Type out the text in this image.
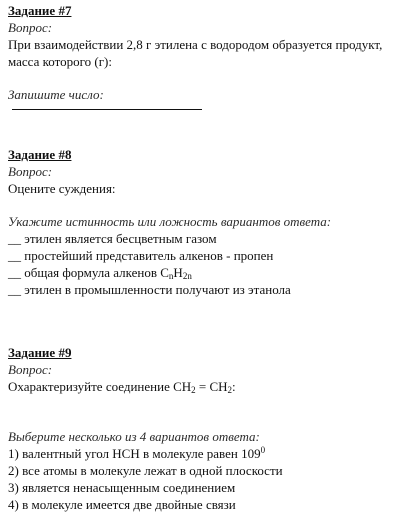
Задание #7
Вопрос:
При взаимодействии 2,8 г этилена с водородом образуется продукт,
масса которого (г):
Запишите число:
Задание #8
Вопрос:
Оцените суждения:
Укажите истинность или ложность вариантов ответа:
__ этилен является бесцветным газом
__ простейший представитель алкенов - пропен
__ общая формула алкенов $C_nH_{2n}$
__ этилен в промышленности получают из этанола
Задание #9
Вопрос:
Охарактеризуйте соединение $CH_2 = CH_2$:
Выберите несколько из 4 вариантов ответа:
1) валентный угол HCH в молекуле равен $109^0$
2) все атомы в молекуле лежат в одной плоскости
3) является ненасыщенным соединением
4) в молекуле имеется две двойные связи
